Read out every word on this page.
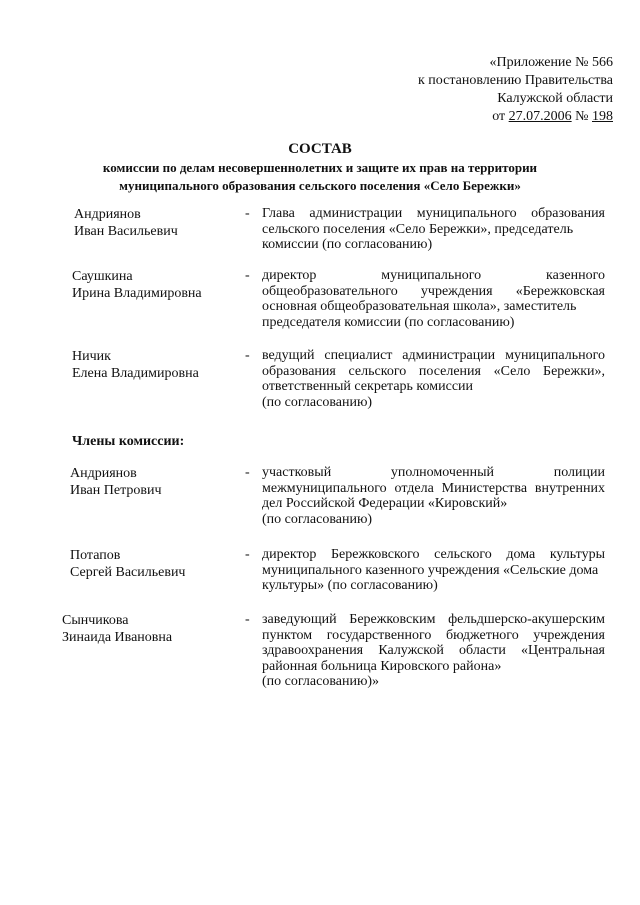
«Приложение № 566
к постановлению Правительства
Калужской области
от 27.07.2006 № 198
СОСТАВ
комиссии по делам несовершеннолетних и защите их прав на территории
муниципального образования сельского поселения «Село Бережки»
Андриянов
Иван Васильевич
- Глава администрации муниципального образования сельского поселения «Село Бережки», председатель
комиссии (по согласованию)
Саушкина
Ирина Владимировна
- директор муниципального казенного общеобразовательного учреждения «Бережковская основная общеобразовательная школа», заместитель
председателя комиссии (по согласованию)
Ничик
Елена Владимировна
- ведущий специалист администрации муниципального образования сельского поселения «Село Бережки», ответственный секретарь комиссии
(по согласованию)
Члены комиссии:
Андриянов
Иван Петрович
- участковый уполномоченный полиции межмуниципального отдела Министерства внутренних дел Российской Федерации «Кировский»
(по согласованию)
Потапов
Сергей Васильевич
- директор Бережковского сельского дома культуры муниципального казенного учреждения «Сельские дома
культуры» (по согласованию)
Сынчикова
Зинаида Ивановна
- заведующий Бережковским фельдшерско-акушерским пунктом государственного бюджетного учреждения здравоохранения Калужской области «Центральная районная больница Кировского района»
(по согласованию)»
